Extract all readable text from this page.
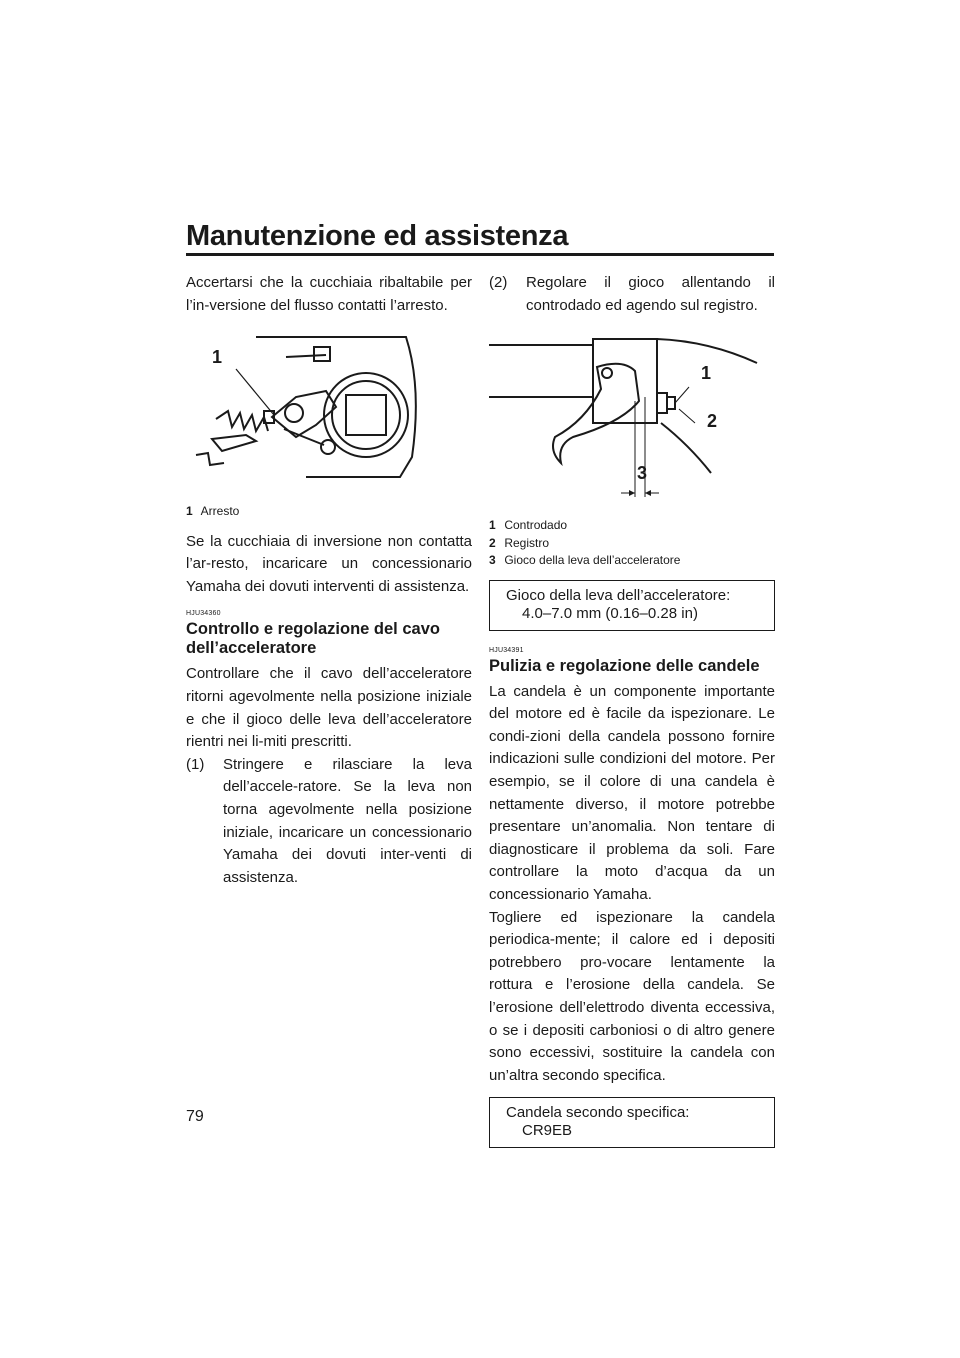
Manutenzione ed assistenza

Accertarsi che la cucchiaia ribaltabile per l’in-versione del flusso contatti l’arresto.

1
1 Arresto

Se la cucchiaia di inversione non contatta l’ar-resto, incaricare un concessionario Yamaha dei dovuti interventi di assistenza.

HJU34360
Controllo e regolazione del cavo dell’acceleratore

Controllare che il cavo dell’acceleratore ritorni agevolmente nella posizione iniziale e che il gioco delle leva dell’acceleratore rientri nei li-miti prescritti.

(1) Stringere e rilasciare la leva dell’accele-ratore. Se la leva non torna agevolmente nella posizione iniziale, incaricare un concessionario Yamaha dei dovuti inter-venti di assistenza.

(2) Regolare il gioco allentando il controdado ed agendo sul registro.

1
2
3
1 Controdado
2 Registro
3 Gioco della leva dell’acceleratore
Gioco della leva dell’acceleratore:
4.0–7.0 mm (0.16–0.28 in)
HJU34391
Pulizia e regolazione delle candele

La candela è un componente importante del motore ed è facile da ispezionare. Le condi-zioni della candela possono fornire indicazioni sulle condizioni del motore. Per esempio, se il colore di una candela è nettamente diverso, il motore potrebbe presentare un’anomalia. Non tentare di diagnosticare il problema da soli. Fare controllare la moto d’acqua da un concessionario Yamaha.

Togliere ed ispezionare la candela periodica-mente; il calore ed i depositi potrebbero pro-vocare lentamente la rottura e l’erosione della candela. Se l’erosione dell’elettrodo diventa eccessiva, o se i depositi carboniosi o di altro genere sono eccessivi, sostituire la candela con un’altra secondo specifica.

Candela secondo specifica:
CR9EB
79
